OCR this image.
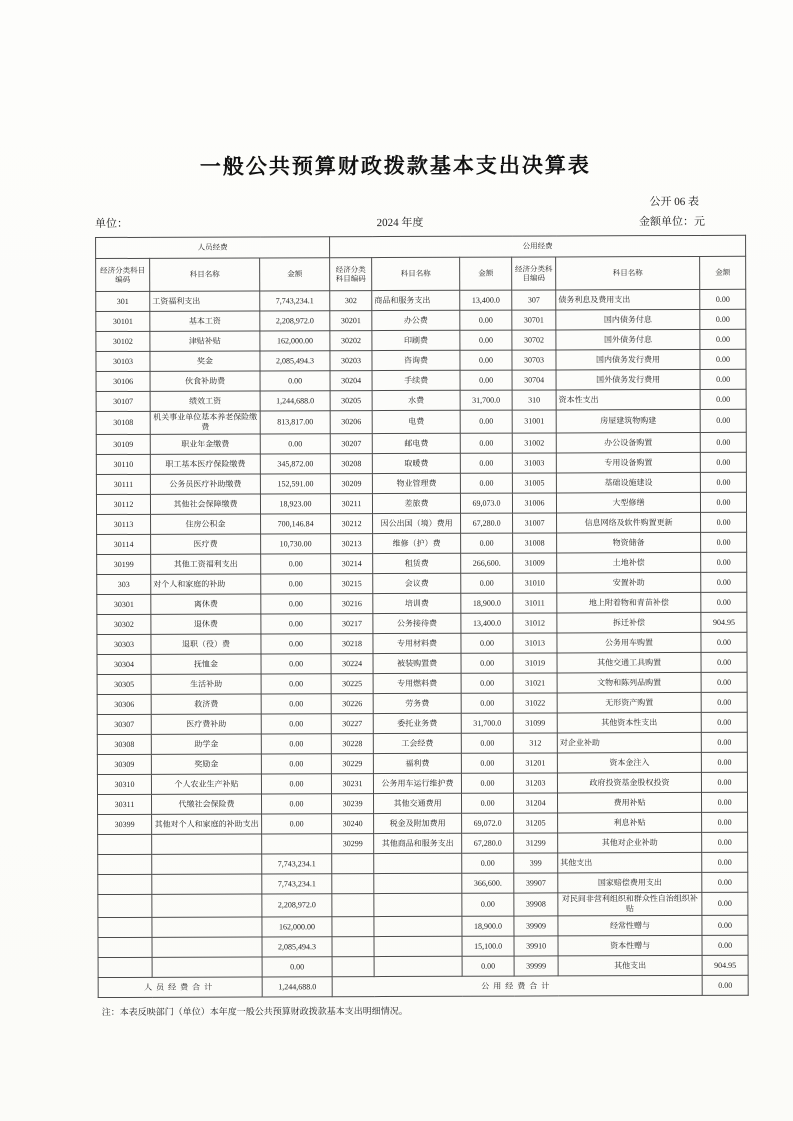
一般公共预算财政拨款基本支出决算表
公开 06 表
单位：	2024 年度	金额单位：元
人员经费			公用经费					
经济分类科目编码	科目名称	金额	经济分类科目编码	科目名称	金额	经济分类科目编码	科目名称	金额
301	工资福利支出	7,743,234.1	302	商品和服务支出	13,400.0	307	债务利息及费用支出	0.00
30101	基本工资	2,208,972.0	30201	办公费	0.00	30701	国内债务付息	0.00
30102	津贴补贴	162,000.00	30202	印刷费	0.00	30702	国外债务付息	0.00
30103	奖金	2,085,494.3	30203	咨询费	0.00	30703	国内债务发行费用	0.00
30106	伙食补助费	0.00	30204	手续费	0.00	30704	国外债务发行费用	0.00
30107	绩效工资	1,244,688.0	30205	水费	31,700.0	310	资本性支出	0.00
30108	机关事业单位基本养老保险缴费	813,817.00	30206	电费	0.00	31001	房屋建筑物购建	0.00
30109	职业年金缴费	0.00	30207	邮电费	0.00	31002	办公设备购置	0.00
30110	职工基本医疗保险缴费	345,872.00	30208	取暖费	0.00	31003	专用设备购置	0.00
30111	公务员医疗补助缴费	152,591.00	30209	物业管理费	0.00	31005	基础设施建设	0.00
30112	其他社会保障缴费	18,923.00	30211	差旅费	69,073.0	31006	大型修缮	0.00
30113	住房公积金	700,146.84	30212	因公出国（境）费用	67,280.0	31007	信息网络及软件购置更新	0.00
30114	医疗费	10,730.00	30213	维修（护）费	0.00	31008	物资储备	0.00
30199	其他工资福利支出	0.00	30214	租赁费	266,600.	31009	土地补偿	0.00
303	对个人和家庭的补助	0.00	30215	会议费	0.00	31010	安置补助	0.00
30301	离休费	0.00	30216	培训费	18,900.0	31011	地上附着物和青苗补偿	0.00
30302	退休费	0.00	30217	公务接待费	13,400.0	31012	拆迁补偿	904.95
30303	退职（役）费	0.00	30218	专用材料费	0.00	31013	公务用车购置	0.00
30304	抚恤金	0.00	30224	被装购置费	0.00	31019	其他交通工具购置	0.00
30305	生活补助	0.00	30225	专用燃料费	0.00	31021	文物和陈列品购置	0.00
30306	救济费	0.00	30226	劳务费	0.00	31022	无形资产购置	0.00
30307	医疗费补助	0.00	30227	委托业务费	31,700.0	31099	其他资本性支出	0.00
30308	助学金	0.00	30228	工会经费	0.00	312	对企业补助	0.00
30309	奖励金	0.00	30229	福利费	0.00	31201	资本金注入	0.00
30310	个人农业生产补贴	0.00	30231	公务用车运行维护费	0.00	31203	政府投资基金股权投资	0.00
30311	代缴社会保险费	0.00	30239	其他交通费用	0.00	31204	费用补贴	0.00
30399	其他对个人和家庭的补助支出	0.00	30240	税金及附加费用	69,072.0	31205	利息补贴	0.00
			30299	其他商品和服务支出	67,280.0	31299	其他对企业补助	0.00
		7,743,234.1			0.00	399	其他支出	0.00
		7,743,234.1			366,600.	39907	国家赔偿费用支出	0.00
		2,208,972.0			0.00	39908	对民间非营利组织和群众性自治组织补贴	0.00
		162,000.00			18,900.0	39909	经常性赠与	0.00
		2,085,494.3			15,100.0	39910	资本性赠与	0.00
		0.00			0.00	39999	其他支出	904.95
人员经费合计		1,244,688.0	公用经费合计					0.00
注：本表反映部门（单位）本年度一般公共预算财政拨款基本支出明细情况。
